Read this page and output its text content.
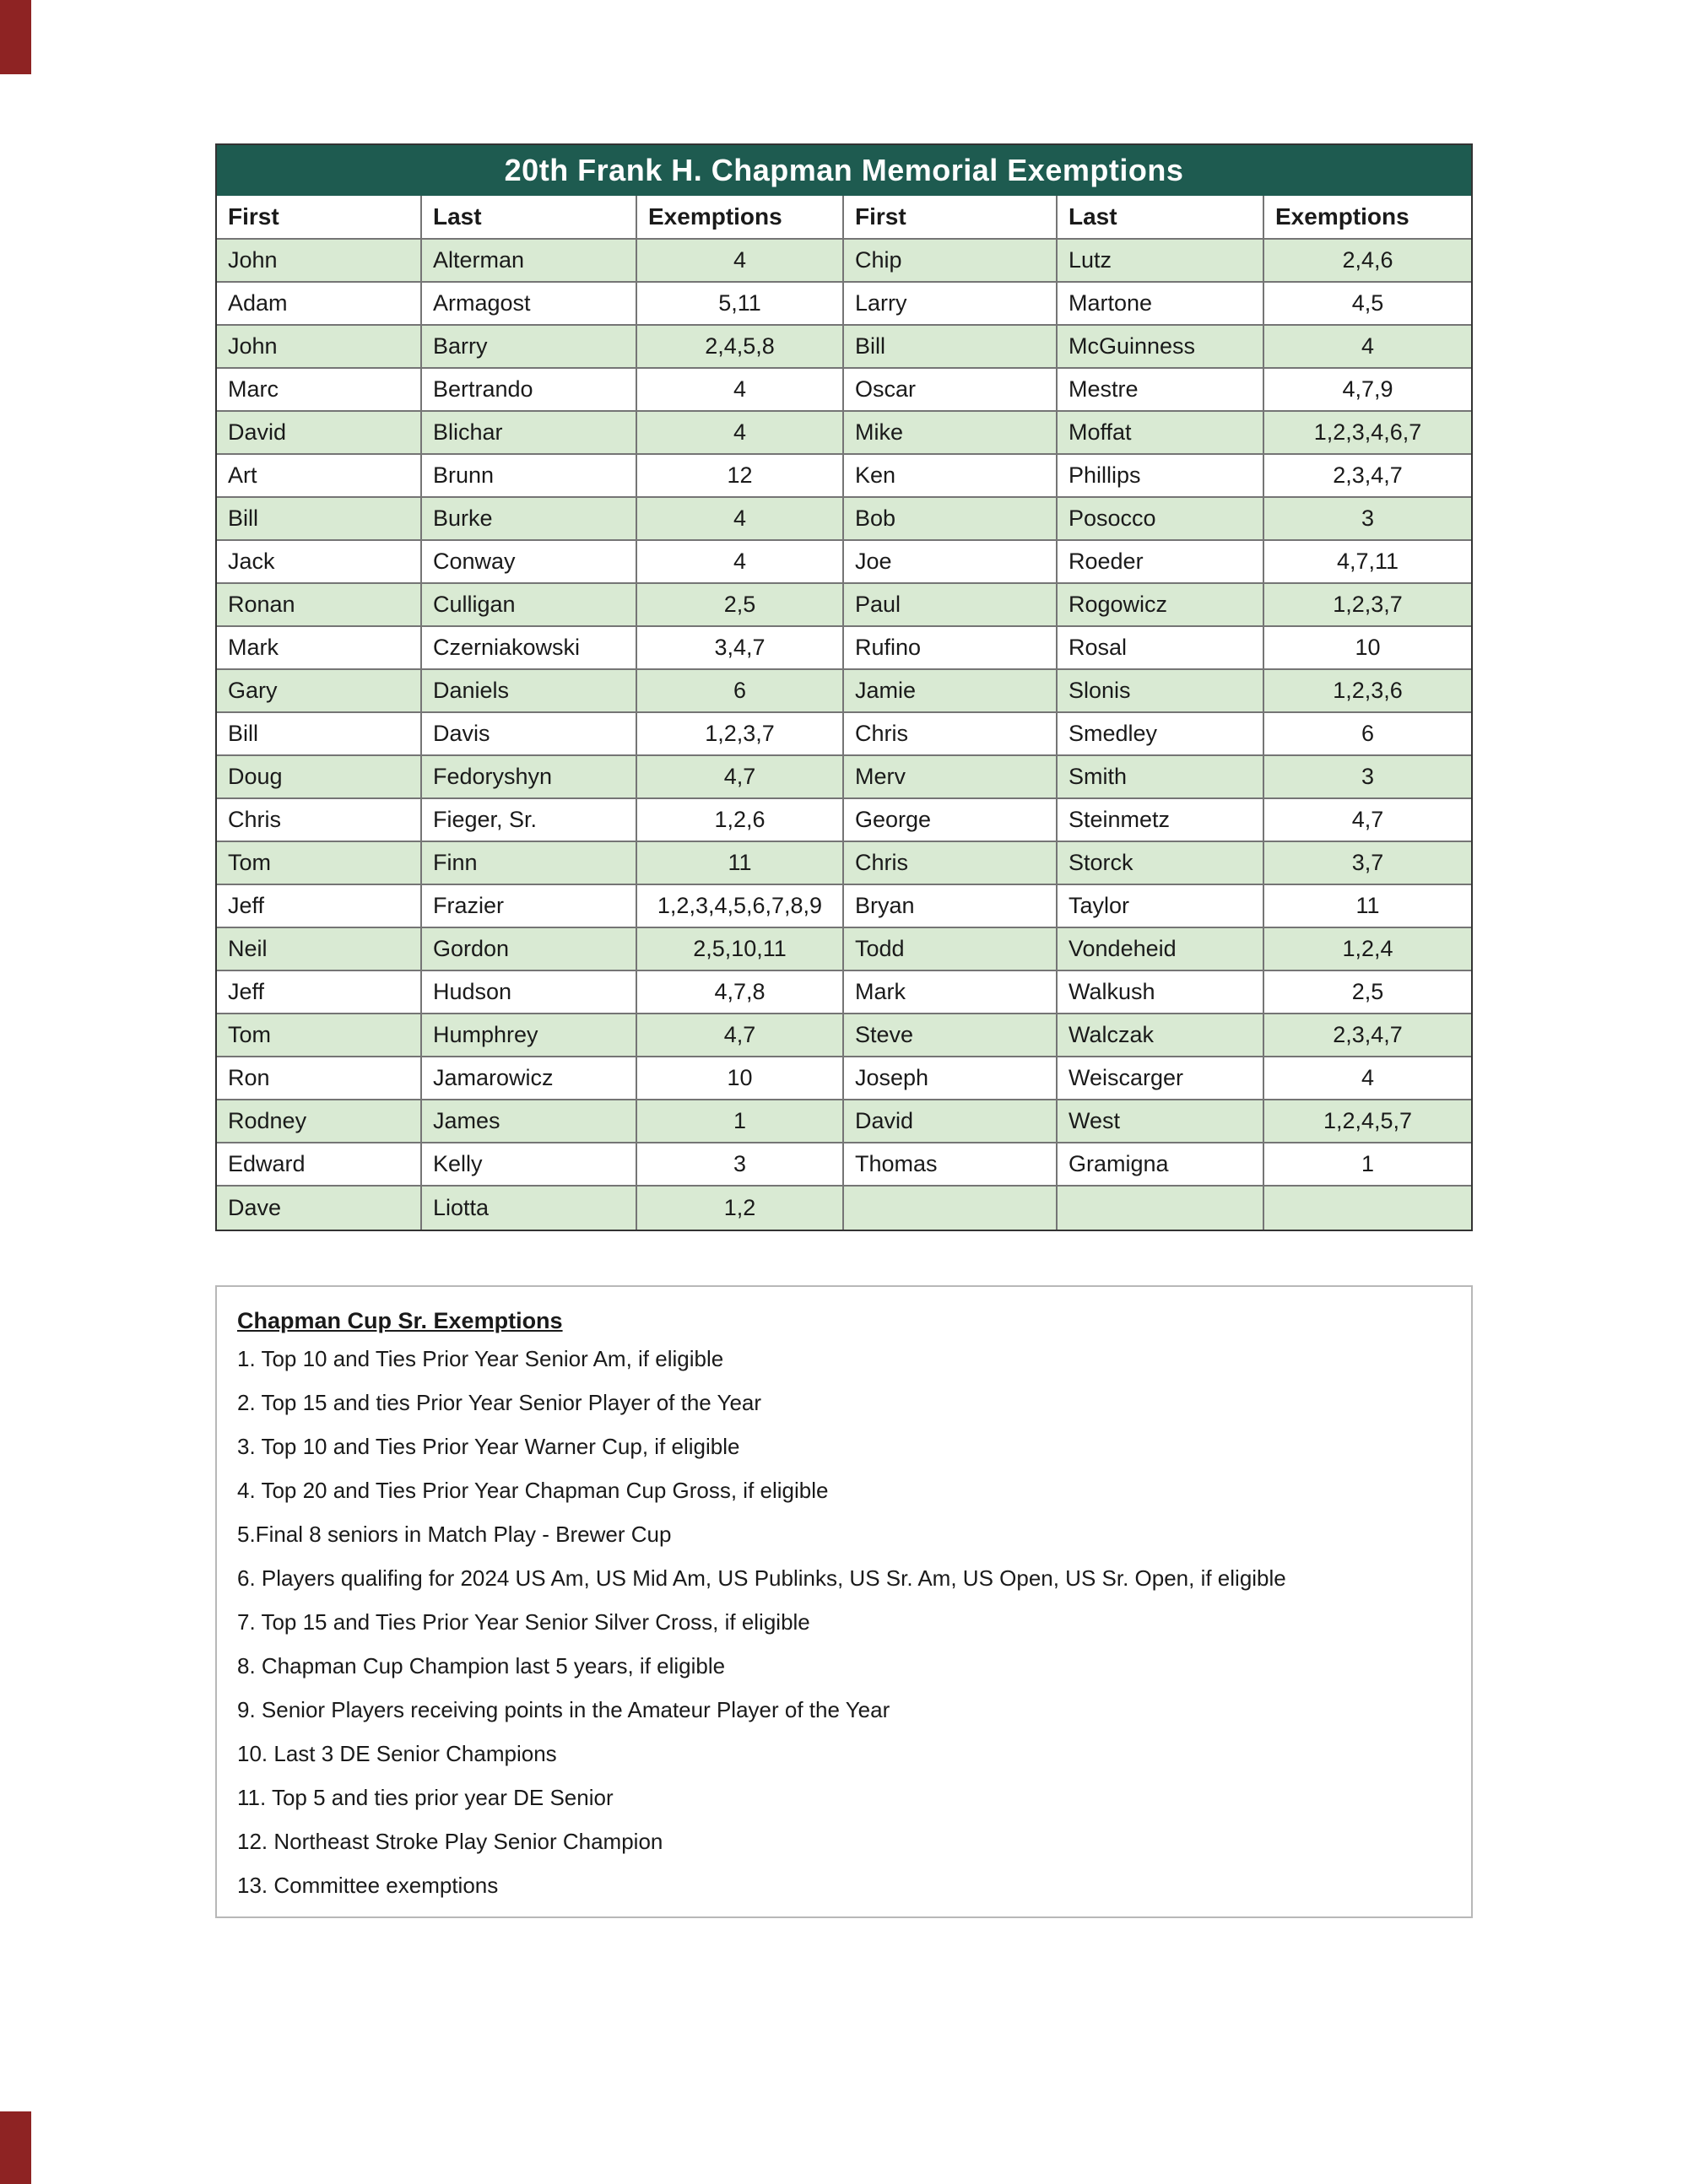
20th Frank H. Chapman Memorial Exemptions
First	Last	Exemptions	First	Last	Exemptions
John	Alterman	4	Chip	Lutz	2,4,6
Adam	Armagost	5,11	Larry	Martone	4,5
John	Barry	2,4,5,8	Bill	McGuinness	4
Marc	Bertrando	4	Oscar	Mestre	4,7,9
David	Blichar	4	Mike	Moffat	1,2,3,4,6,7
Art	Brunn	12	Ken	Phillips	2,3,4,7
Bill	Burke	4	Bob	Posocco	3
Jack	Conway	4	Joe	Roeder	4,7,11
Ronan	Culligan	2,5	Paul	Rogowicz	1,2,3,7
Mark	Czerniakowski	3,4,7	Rufino	Rosal	10
Gary	Daniels	6	Jamie	Slonis	1,2,3,6
Bill	Davis	1,2,3,7	Chris	Smedley	6
Doug	Fedoryshyn	4,7	Merv	Smith	3
Chris	Fieger, Sr.	1,2,6	George	Steinmetz	4,7
Tom	Finn	11	Chris	Storck	3,7
Jeff	Frazier	1,2,3,4,5,6,7,8,9	Bryan	Taylor	11
Neil	Gordon	2,5,10,11	Todd	Vondeheid	1,2,4
Jeff	Hudson	4,7,8	Mark	Walkush	2,5
Tom	Humphrey	4,7	Steve	Walczak	2,3,4,7
Ron	Jamarowicz	10	Joseph	Weiscarger	4
Rodney	James	1	David	West	1,2,4,5,7
Edward	Kelly	3	Thomas	Gramigna	1
Dave	Liotta	1,2
Chapman Cup Sr. Exemptions
1. Top 10 and Ties Prior Year Senior Am, if eligible
2. Top 15 and ties Prior Year Senior Player of the Year
3. Top 10 and Ties Prior Year Warner Cup, if eligible
4. Top 20 and Ties Prior Year Chapman Cup Gross, if eligible
5.Final 8 seniors in Match Play - Brewer Cup
6. Players qualifing for 2024 US Am, US Mid Am, US Publinks, US Sr. Am, US Open, US Sr. Open, if eligible
7. Top 15 and Ties Prior Year Senior Silver Cross, if eligible
8. Chapman Cup Champion last 5 years, if eligible
9. Senior Players receiving points in the Amateur Player of the Year
10. Last 3 DE Senior Champions
11. Top 5 and ties prior year DE Senior
12. Northeast Stroke Play Senior Champion
13. Committee exemptions
